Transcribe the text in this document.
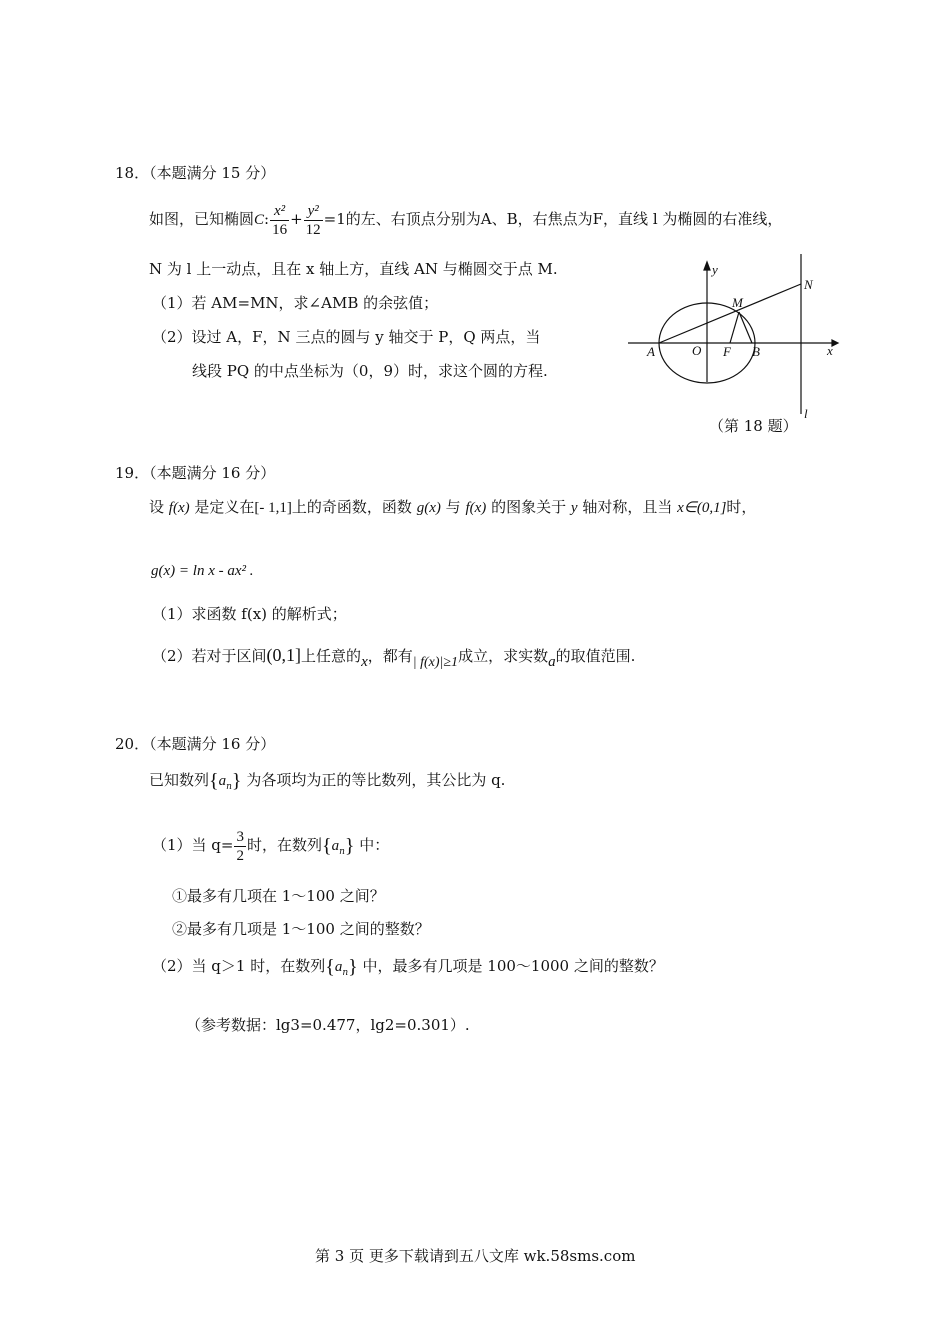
18．（本题满分 15 分）
如图，已知椭圆C: $\frac{\text{x²}}{16} + \frac{\text{y²}}{12} =1$的左、右顶点分别为A、B，右焦点为F，直线 l 为椭圆的右准线，
N 为 l 上一动点，且在 x 轴上方，直线 AN 与椭圆交于点 M.
（1）若 AM=MN，求∠AMB 的余弦值；
（2）设过 A，F，N 三点的圆与 y 轴交于 P，Q 两点，当
线段 PQ 的中点坐标为（0，9）时，求这个圆的方程.
y
x
A	O F B
M
N
l
（第 18 题）
19．（本题满分 16 分）
设 f(x) 是定义在[- 1,1]上的奇函数，函数 g(x) 与 f(x) 的图象关于 y 轴对称，且当 x∈(0,1]时，
g(x) = ln x - ax² .
（1）求函数 f(x) 的解析式；
（2）若对于区间(0,1]上任意的x，都有| f(x)|≥1成立，求实数a的取值范围.
20．（本题满分 16 分）
已知数列$\{a_n\}$ 为各项均为正的等比数列，其公比为 q.
（1）当 $q= \frac{3}{2}$ 时，在数列$\{a_n\}$ 中：
①最多有几项在 1～100 之间？
②最多有几项是 1～100 之间的整数？
（2）当 q＞1 时，在数列$\{a_n\}$ 中，最多有几项是 100～1000 之间的整数？
（参考数据：lg3=0.477，lg2=0.301）.
第 3 页 更多下载请到五八文库 wk.58sms.com
